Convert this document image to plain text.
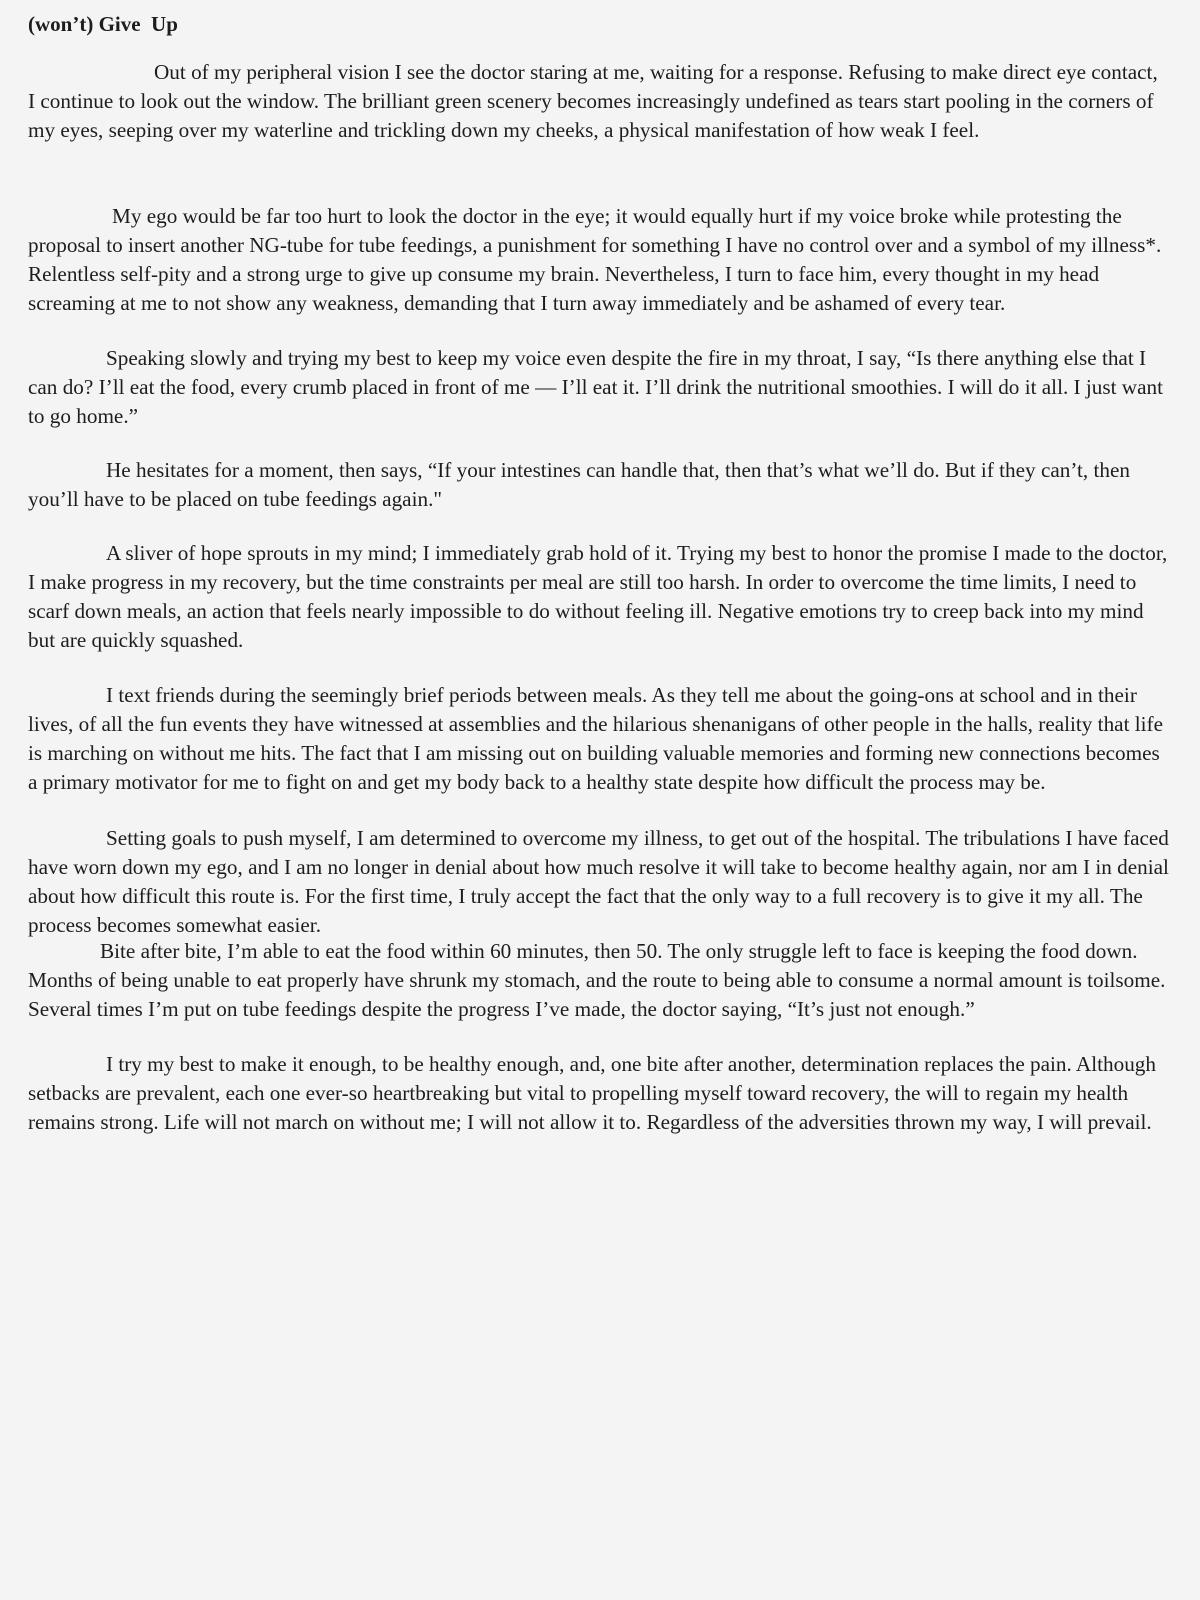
(won’t) Give  Up

Out of my peripheral vision I see the doctor staring at me, waiting for a response. Refusing to make direct eye contact, I continue to look out the window. The brilliant green scenery becomes increasingly undefined as tears start pooling in the corners of my eyes, seeping over my waterline and trickling down my cheeks, a physical manifestation of how weak I feel.

My ego would be far too hurt to look the doctor in the eye; it would equally hurt if my voice broke while protesting the proposal to insert another NG-tube for tube feedings, a punishment for something I have no control over and a symbol of my illness*. Relentless self-pity and a strong urge to give up consume my brain. Nevertheless, I turn to face him, every thought in my head screaming at me to not show any weakness, demanding that I turn away immediately and be ashamed of every tear.

Speaking slowly and trying my best to keep my voice even despite the fire in my throat, I say, “Is there anything else that I can do? I’ll eat the food, every crumb placed in front of me — I’ll eat it. I’ll drink the nutritional smoothies. I will do it all. I just want to go home.”

He hesitates for a moment, then says, “If your intestines can handle that, then that’s what we’ll do. But if they can’t, then you’ll have to be placed on tube feedings again."

A sliver of hope sprouts in my mind; I immediately grab hold of it. Trying my best to honor the promise I made to the doctor, I make progress in my recovery, but the time constraints per meal are still too harsh. In order to overcome the time limits, I need to scarf down meals, an action that feels nearly impossible to do without feeling ill. Negative emotions try to creep back into my mind but are quickly squashed.

I text friends during the seemingly brief periods between meals. As they tell me about the going-ons at school and in their lives, of all the fun events they have witnessed at assemblies and the hilarious shenanigans of other people in the halls, reality that life is marching on without me hits. The fact that I am missing out on building valuable memories and forming new connections becomes a primary motivator for me to fight on and get my body back to a healthy state despite how difficult the process may be.

Setting goals to push myself, I am determined to overcome my illness, to get out of the hospital. The tribulations I have faced have worn down my ego, and I am no longer in denial about how much resolve it will take to become healthy again, nor am I in denial about how difficult this route is. For the first time, I truly accept the fact that the only way to a full recovery is to give it my all. The process becomes somewhat easier.

Bite after bite, I’m able to eat the food within 60 minutes, then 50. The only struggle left to face is keeping the food down. Months of being unable to eat properly have shrunk my stomach, and the route to being able to consume a normal amount is toilsome. Several times I’m put on tube feedings despite the progress I’ve made, the doctor saying, “It’s just not enough.”

I try my best to make it enough, to be healthy enough, and, one bite after another, determination replaces the pain. Although setbacks are prevalent, each one ever-so heartbreaking but vital to propelling myself toward recovery, the will to regain my health remains strong. Life will not march on without me; I will not allow it to. Regardless of the adversities thrown my way, I will prevail.
